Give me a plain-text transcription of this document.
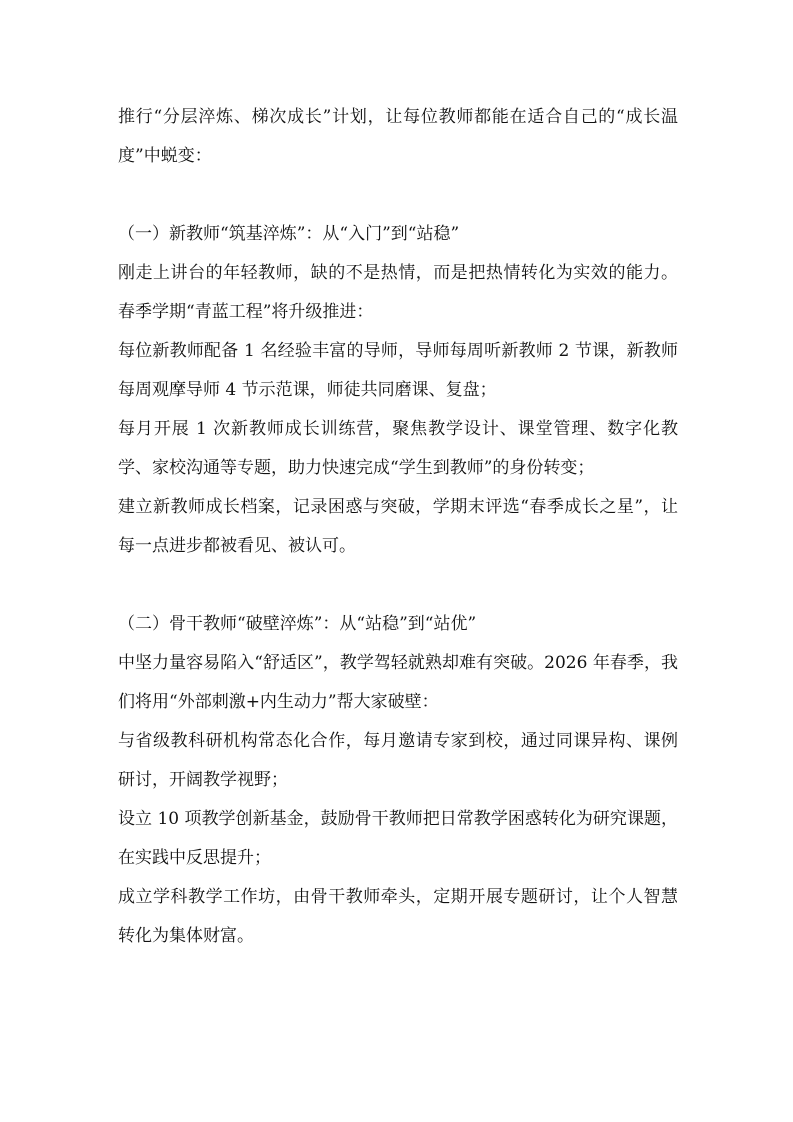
推行“分层淬炼、梯次成长”计划，让每位教师都能在适合自己的“成长温度”中蜕变：

（一）新教师“筑基淬炼”：从“入门”到“站稳”

刚走上讲台的年轻教师，缺的不是热情，而是把热情转化为实效的能力。春季学期“青蓝工程”将升级推进：

每位新教师配备 1 名经验丰富的导师，导师每周听新教师 2 节课，新教师每周观摩导师 4 节示范课，师徒共同磨课、复盘；

每月开展 1 次新教师成长训练营，聚焦教学设计、课堂管理、数字化教学、家校沟通等专题，助力快速完成“学生到教师”的身份转变；

建立新教师成长档案，记录困惑与突破，学期末评选“春季成长之星”，让每一点进步都被看见、被认可。

（二）骨干教师“破壁淬炼”：从“站稳”到“站优”

中坚力量容易陷入“舒适区”，教学驾轻就熟却难有突破。2026 年春季，我们将用“外部刺激+内生动力”帮大家破壁：

与省级教科研机构常态化合作，每月邀请专家到校，通过同课异构、课例研讨，开阔教学视野；

设立 10 项教学创新基金，鼓励骨干教师把日常教学困惑转化为研究课题，在实践中反思提升；

成立学科教学工作坊，由骨干教师牵头，定期开展专题研讨，让个人智慧转化为集体财富。
